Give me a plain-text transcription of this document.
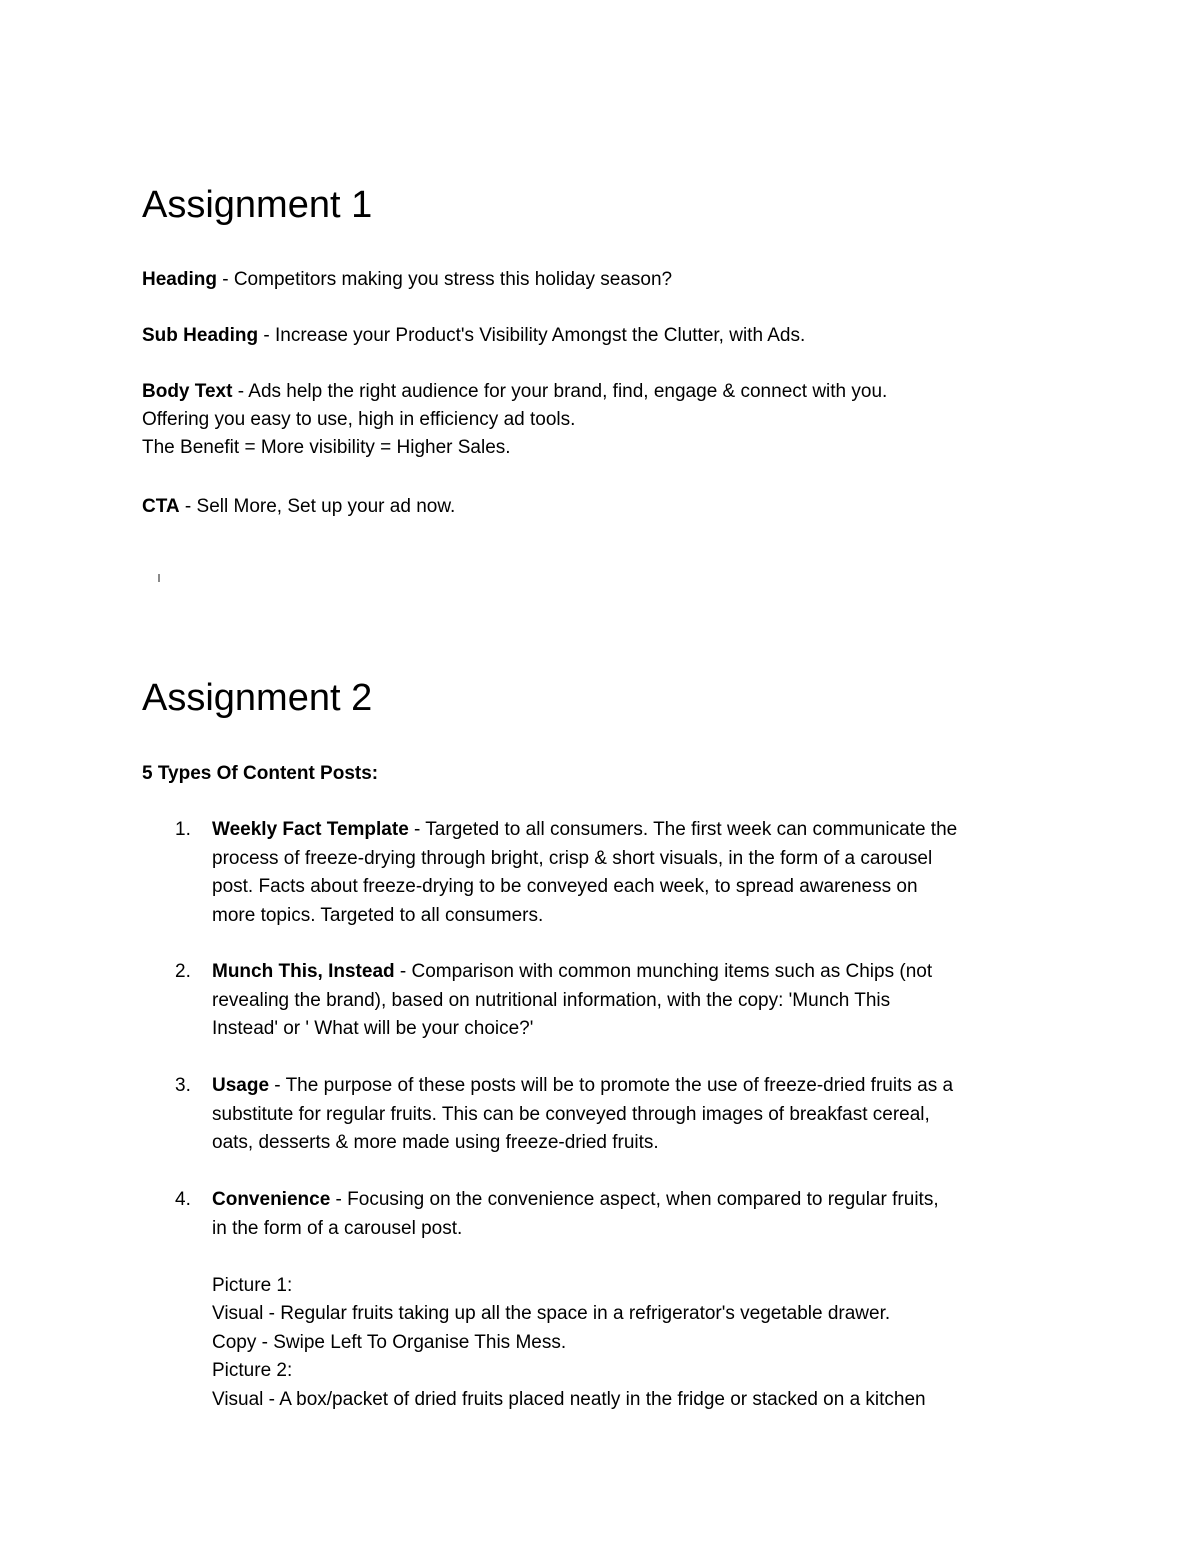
Assignment 1

Heading - Competitors making you stress this holiday season?

Sub Heading - Increase your Product's Visibility Amongst the Clutter, with Ads.

Body Text - Ads help the right audience for your brand, find, engage & connect with you.
Offering you easy to use, high in efficiency ad tools.
The Benefit = More visibility = Higher Sales.

CTA - Sell More, Set up your ad now.

Assignment 2

5 Types Of Content Posts:

1. Weekly Fact Template - Targeted to all consumers. The first week can communicate the
process of freeze-drying through bright, crisp & short visuals, in the form of a carousel
post. Facts about freeze-drying to be conveyed each week, to spread awareness on
more topics. Targeted to all consumers.
2. Munch This, Instead - Comparison with common munching items such as Chips (not
revealing the brand), based on nutritional information, with the copy: 'Munch This
Instead' or ' What will be your choice?'
3. Usage - The purpose of these posts will be to promote the use of freeze-dried fruits as a
substitute for regular fruits. This can be conveyed through images of breakfast cereal,
oats, desserts & more made using freeze-dried fruits.
4. Convenience - Focusing on the convenience aspect, when compared to regular fruits,
in the form of a carousel post.
Picture 1:
Visual - Regular fruits taking up all the space in a refrigerator's vegetable drawer.
Copy - Swipe Left To Organise This Mess.
Picture 2:
Visual - A box/packet of dried fruits placed neatly in the fridge or stacked on a kitchen
